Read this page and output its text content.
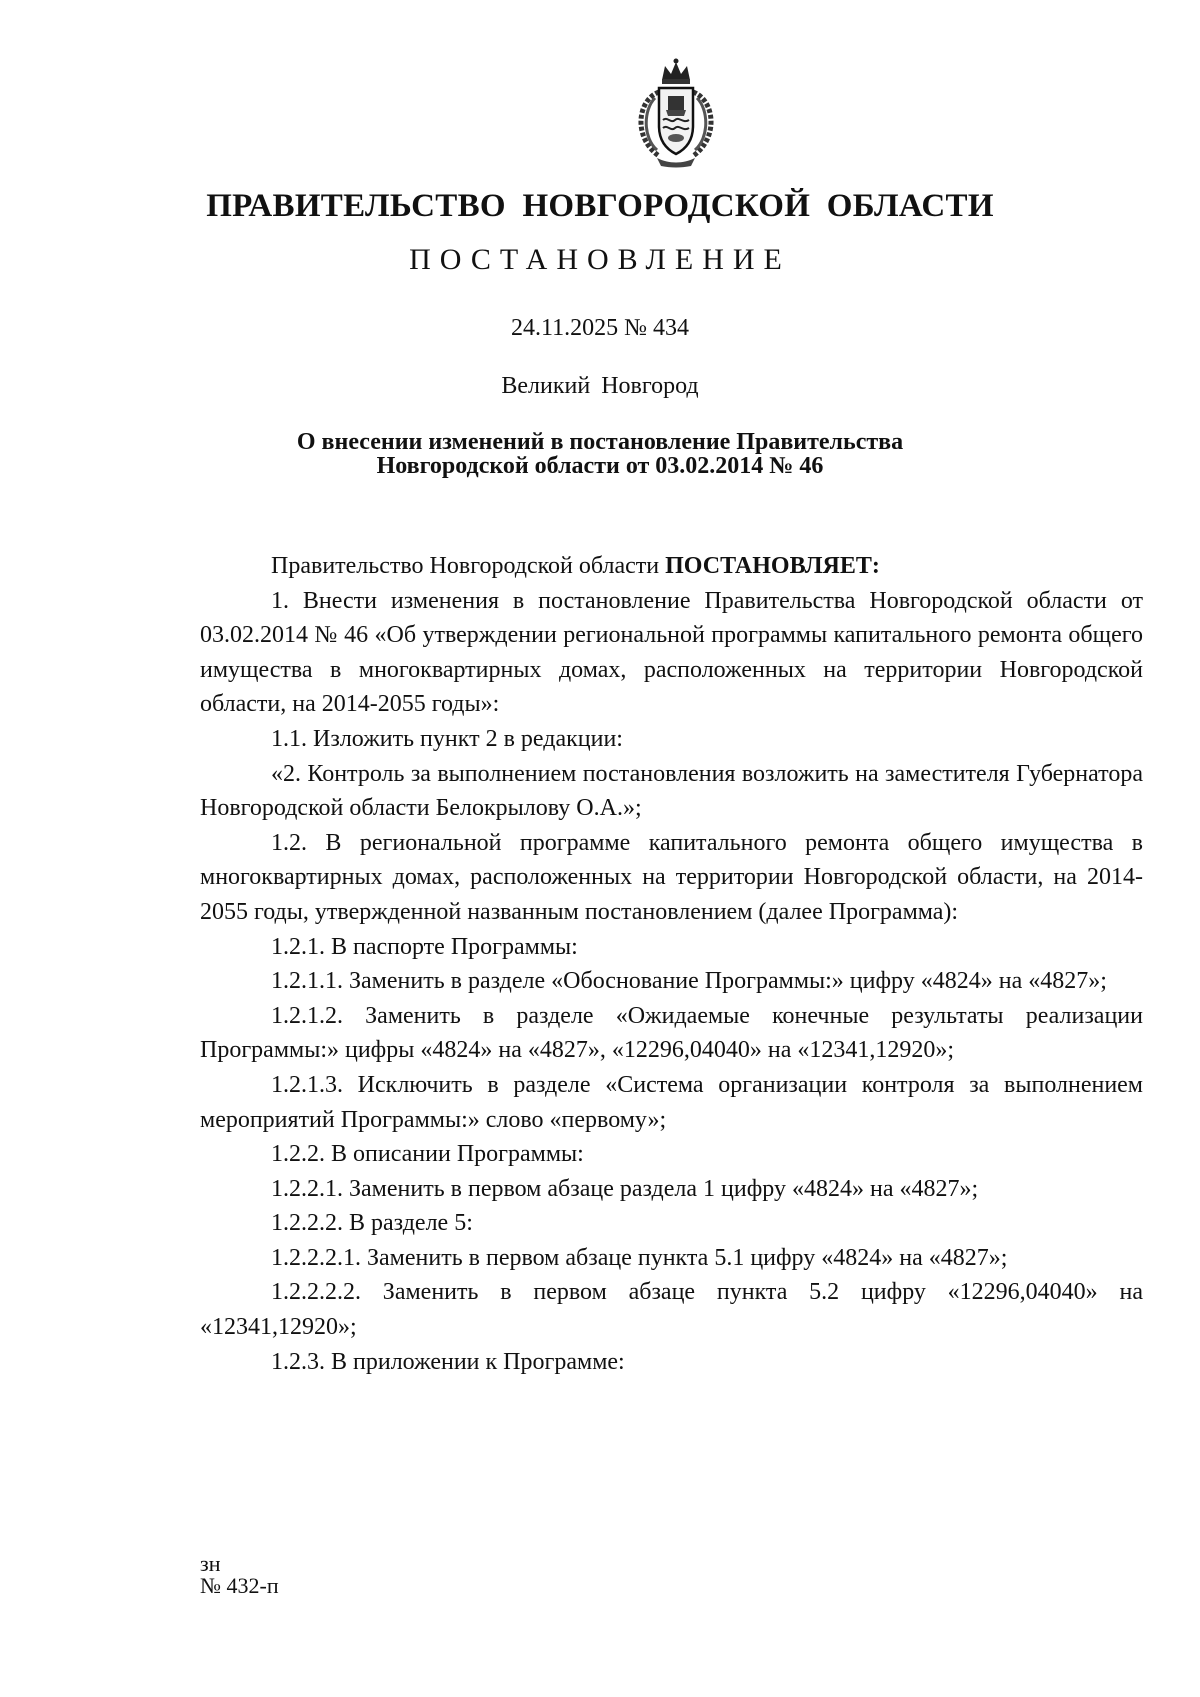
ПРАВИТЕЛЬСТВО НОВГОРОДСКОЙ ОБЛАСТИ
ПОСТАНОВЛЕНИЕ
24.11.2025 № 434
Великий Новгород
О внесении изменений в постановление Правительства
Новгородской области от 03.02.2014 № 46

Правительство Новгородской области ПОСТАНОВЛЯЕТ:

1. Внести изменения в постановление Правительства Новгородской области от 03.02.2014 № 46 «Об утверждении региональной программы капитального ремонта общего имущества в многоквартирных домах, расположенных на территории Новгородской области, на 2014-2055 годы»:

1.1. Изложить пункт 2 в редакции:

«2. Контроль за выполнением постановления возложить на заместителя Губернатора Новгородской области Белокрылову О.А.»;

1.2. В региональной программе капитального ремонта общего имущества в многоквартирных домах, расположенных на территории Новгородской области, на 2014-2055 годы, утвержденной названным постановлением (далее Программа):

1.2.1. В паспорте Программы:

1.2.1.1. Заменить в разделе «Обоснование Программы:» цифру «4824» на «4827»;

1.2.1.2. Заменить в разделе «Ожидаемые конечные результаты реализации Программы:» цифры «4824» на «4827», «12296,04040» на «12341,12920»;

1.2.1.3. Исключить в разделе «Система организации контроля за выполнением мероприятий Программы:» слово «первому»;

1.2.2. В описании Программы:

1.2.2.1. Заменить в первом абзаце раздела 1 цифру «4824» на «4827»;

1.2.2.2. В разделе 5:

1.2.2.2.1. Заменить в первом абзаце пункта 5.1 цифру «4824» на «4827»;

1.2.2.2.2. Заменить в первом абзаце пункта 5.2 цифру «12296,04040» на «12341,12920»;

1.2.3. В приложении к Программе:

зн
№ 432-п
